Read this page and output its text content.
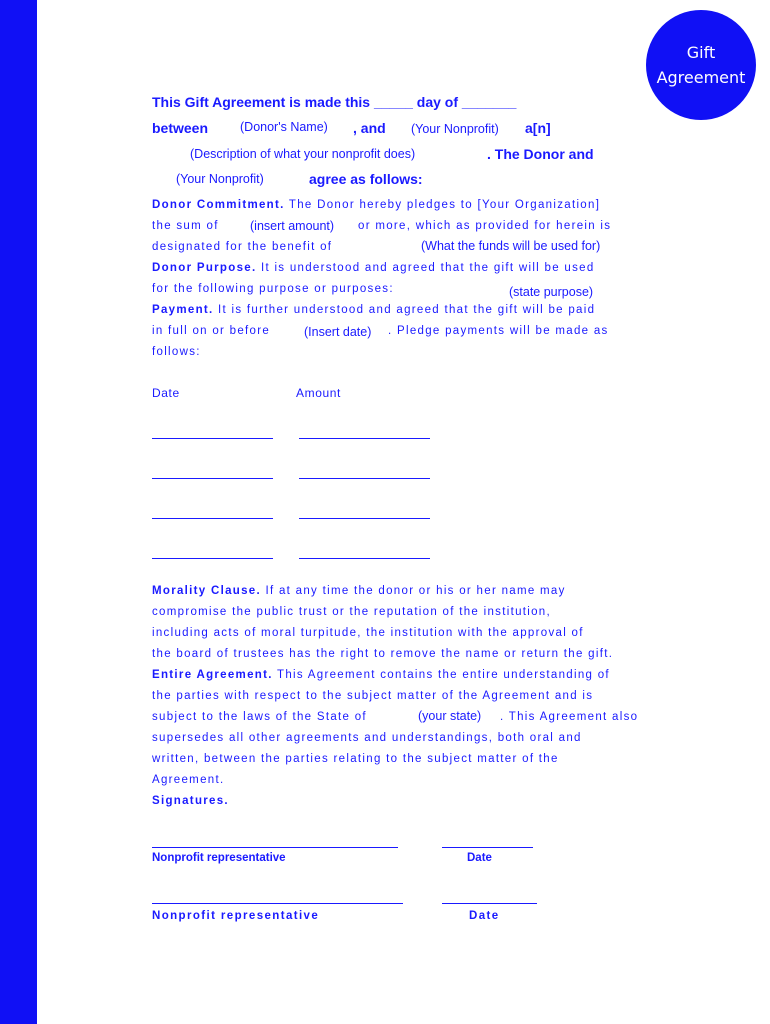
Gift
Agreement
This Gift Agreement is made this _____ day of _______
between	(Donor's Name) , and (Your Nonprofit) a[n]
(Description of what your nonprofit does)	. The Donor and
(Your Nonprofit)	agree as follows:
Donor Commitment. The Donor hereby pledges to [Your Organization]
the sum of	(insert amount) or more, which as provided for herein is
designated for the benefit of	(What the funds will be used for)
Donor Purpose. It is understood and agreed that the gift will be used
for the following purpose or purposes:	(state purpose)
Payment. It is further understood and agreed that the gift will be paid
in full on or before	(Insert date) . Pledge payments will be made as
follows:
Date	Amount
Morality Clause. If at any time the donor or his or her name may
compromise the public trust or the reputation of the institution,
including acts of moral turpitude, the institution with the approval of
the board of trustees has the right to remove the name or return the gift.
Entire Agreement. This Agreement contains the entire understanding of
the parties with respect to the subject matter of the Agreement and is
subject to the laws of the State of	(your state) . This Agreement also
supersedes all other agreements and understandings, both oral and
written, between the parties relating to the subject matter of the
Agreement.
Signatures.
Nonprofit representative	Date
Nonprofit representative	Date
